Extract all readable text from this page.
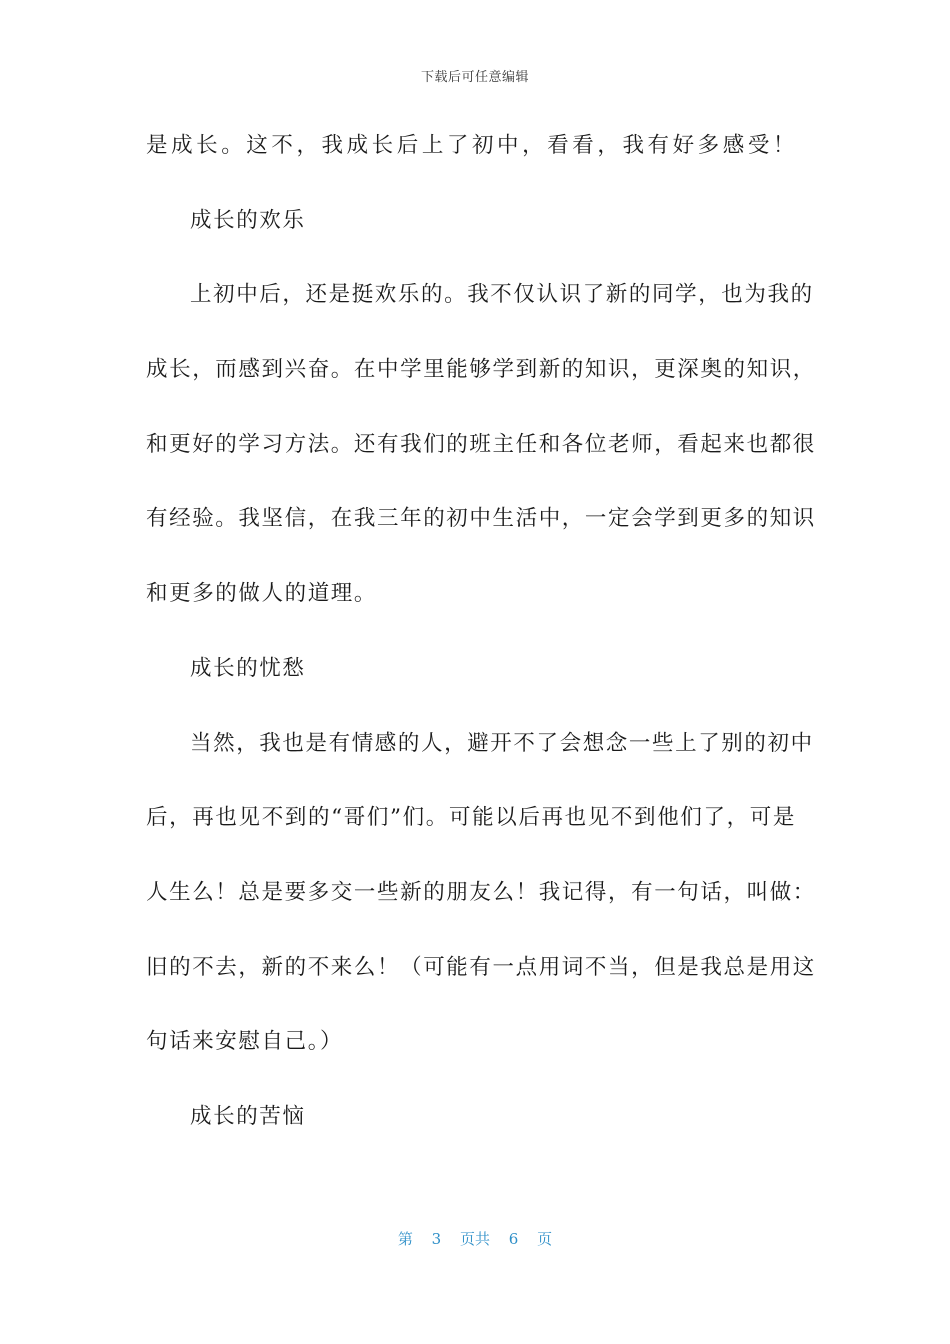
下载后可任意编辑
是成长。这不，我成长后上了初中，看看，我有好多感受！
成长的欢乐
上初中后，还是挺欢乐的。我不仅认识了新的同学，也为我的
成长，而感到兴奋。在中学里能够学到新的知识，更深奥的知识，
和更好的学习方法。还有我们的班主任和各位老师，看起来也都很
有经验。我坚信，在我三年的初中生活中，一定会学到更多的知识
和更多的做人的道理。
成长的忧愁
当然，我也是有情感的人，避开不了会想念一些上了别的初中
后，再也见不到的“哥们”们。可能以后再也见不到他们了，可是
人生么！总是要多交一些新的朋友么！我记得，有一句话，叫做：
旧的不去，新的不来么！（可能有一点用词不当，但是我总是用这
句话来安慰自己。）
成长的苦恼
第 3 页共 6 页
